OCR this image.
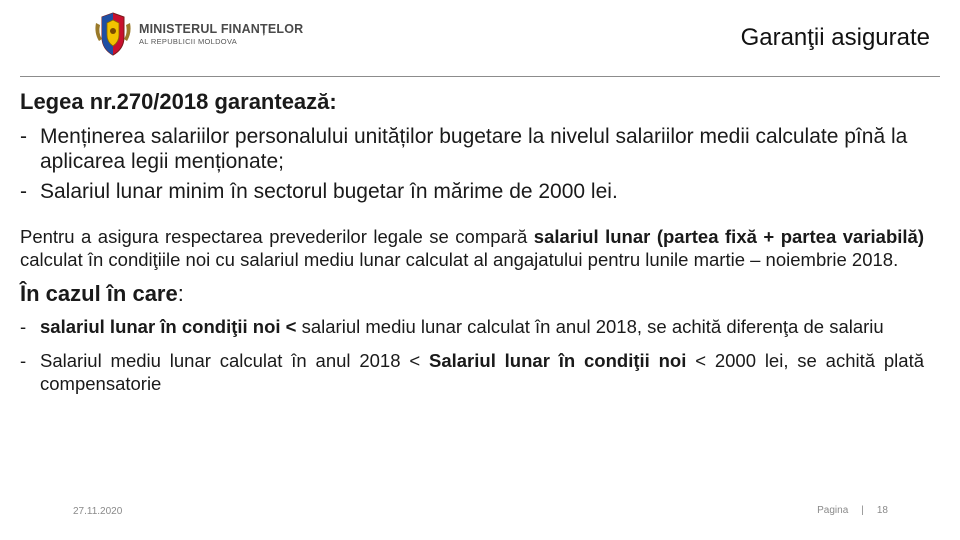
MINISTERUL FINANȚELOR
AL REPUBLICII MOLDOVA	Garanţii asigurate
Legea nr.270/2018 garantează:
- Menținerea salariilor personalului unităților bugetare la nivelul salariilor medii calculate pînă la aplicarea legii menționate;
- Salariul lunar minim în sectorul bugetar în mărime de 2000 lei.

Pentru a asigura respectarea prevederilor legale se compară salariul lunar (partea fixă + partea variabilă) calculat în condiţiile noi cu salariul mediu lunar calculat al angajatului pentru lunile martie – noiembrie 2018.

În cazul în care:
- salariul lunar în condiţii noi < salariul mediu lunar calculat în anul 2018, se achită diferenţa de salariu
- Salariul mediu lunar calculat în anul 2018 < Salariul lunar în condiţii noi < 2000 lei, se achită plată compensatorie
27.11.2020	Pagina | 18
